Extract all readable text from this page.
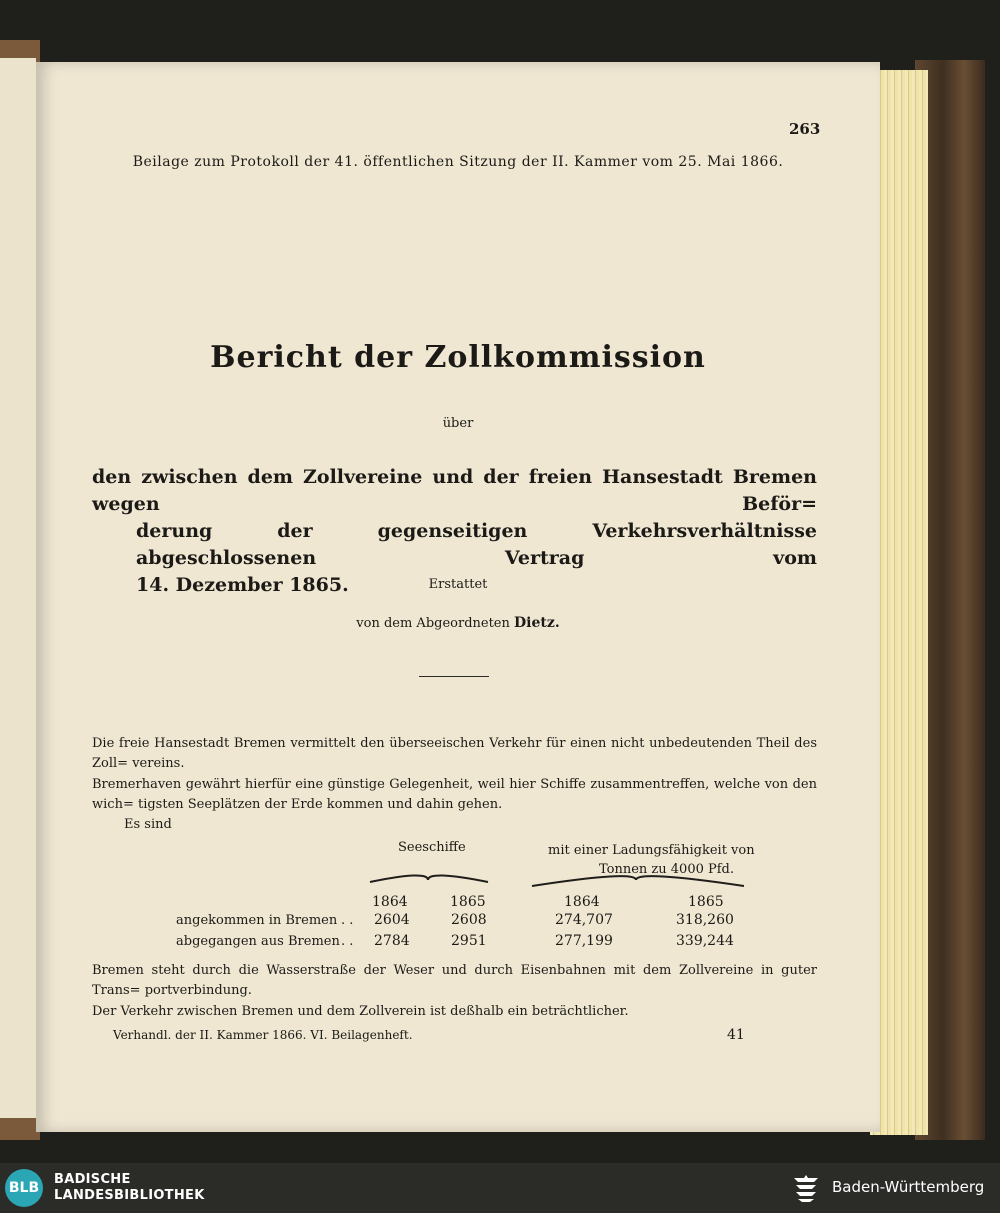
263
Beilage zum Protokoll der 41. öffentlichen Sitzung der II. Kammer vom 25. Mai 1866.
Bericht der Zollkommission
über
den zwischen dem Zollvereine und der freien Hansestadt Bremen wegen Beför=
derung der gegenseitigen Verkehrsverhältnisse abgeschlossenen Vertrag vom
14. Dezember 1865.	Erstattet
von dem Abgeordneten Dietz.
Die freie Hansestadt Bremen vermittelt den überseeischen Verkehr für einen nicht unbedeutenden Theil des Zoll= vereins.
Bremerhaven gewährt hierfür eine günstige Gelegenheit, weil hier Schiffe zusammentreffen, welche von den wich= tigsten Seeplätzen der Erde kommen und dahin gehen.
Es sind
Seeschiffe	mit einer Ladungsfähigkeit von
Tonnen zu 4000 Pfd.
1864	1865	1864	1865
angekommen in Bremen . . 2604	2608	274,707	318,260
abgegangen aus Bremen . . 2784	2951	277,199	339,244
Bremen steht durch die Wasserstraße der Weser und durch Eisenbahnen mit dem Zollvereine in guter Trans= portverbindung.
Der Verkehr zwischen Bremen und dem Zollverein ist deßhalb ein beträchtlicher.
Verhandl. der II. Kammer 1866. VI. Beilagenheft.	41
BLB
BADISCHE
LANDESBIBLIOTHEK	Baden-Württemberg
